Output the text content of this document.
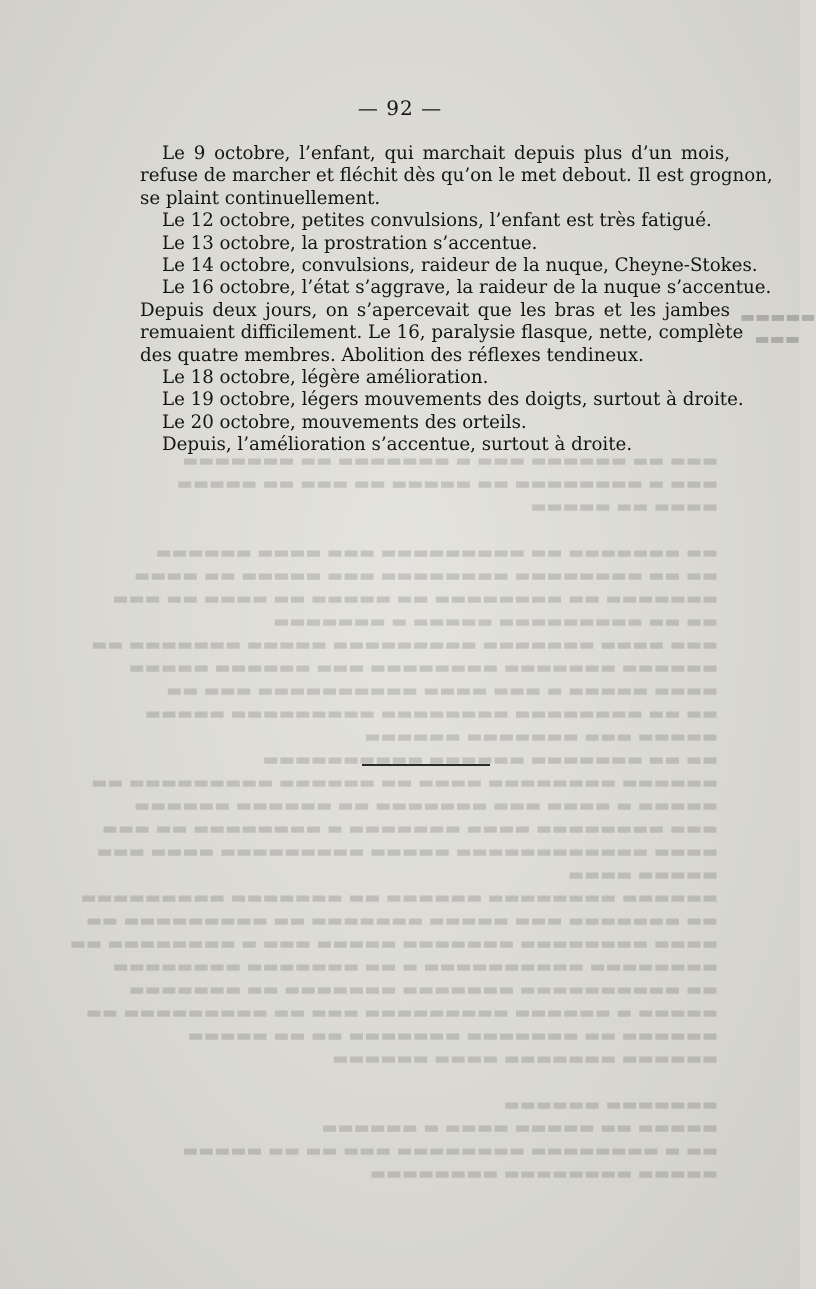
▬▬▬ ▬▬ ▬▬▬▬▬▬ ▬▬▬ ▬ ▬▬▬▬▬▬▬ ▬▬ ▬▬▬▬▬▬▬
▬▬▬ ▬ ▬▬▬▬▬▬▬▬ ▬▬ ▬▬▬▬▬ ▬▬ ▬▬▬ ▬▬ ▬▬▬▬▬
▬▬▬▬ ▬▬ ▬▬▬▬▬

▬▬ ▬▬▬▬▬▬▬ ▬▬ ▬▬▬▬▬▬▬▬▬ ▬▬▬ ▬▬▬▬ ▬▬▬▬▬▬
▬▬ ▬▬ ▬▬▬▬▬▬▬▬ ▬▬▬▬▬▬▬▬ ▬▬▬ ▬▬▬▬▬ ▬▬ ▬▬▬▬
▬▬▬▬▬▬▬ ▬▬ ▬▬▬▬▬▬▬▬ ▬▬ ▬▬▬▬▬ ▬▬ ▬▬▬▬ ▬▬ ▬▬▬
▬▬ ▬▬ ▬▬▬▬▬▬▬▬▬ ▬▬▬▬▬ ▬ ▬▬▬▬▬▬▬
▬▬▬ ▬▬▬▬ ▬▬▬▬▬▬▬ ▬▬▬▬▬▬▬▬▬ ▬▬▬▬▬ ▬▬▬▬▬▬▬ ▬▬
▬▬▬▬▬▬ ▬▬▬▬▬▬▬ ▬▬▬▬▬▬▬▬ ▬▬▬ ▬▬▬▬▬▬ ▬▬▬▬▬
▬▬▬▬ ▬▬▬▬▬ ▬ ▬▬▬ ▬▬▬▬ ▬▬▬▬▬▬▬▬▬▬ ▬▬▬ ▬▬
▬▬ ▬▬ ▬▬▬▬▬▬▬▬ ▬▬▬▬▬▬▬▬ ▬▬▬▬▬▬▬▬▬ ▬▬▬▬▬
▬▬▬▬▬ ▬▬▬ ▬▬▬▬▬▬▬ ▬▬▬▬▬▬
▬▬ ▬▬ ▬▬▬▬▬▬▬ ▬▬▬▬▬▬ ▬▬▬▬▬▬▬▬▬▬
▬▬▬▬▬▬ ▬▬▬▬▬▬▬▬ ▬▬▬▬ ▬▬ ▬▬▬▬▬▬ ▬▬▬▬▬▬▬▬▬ ▬▬
▬▬▬▬▬ ▬ ▬▬▬▬ ▬▬▬ ▬▬▬▬▬▬▬ ▬▬ ▬▬▬▬▬▬ ▬▬▬▬▬▬
▬▬▬ ▬▬▬▬▬▬▬▬ ▬▬▬▬ ▬▬▬▬▬▬▬ ▬ ▬▬▬▬▬▬▬▬ ▬▬ ▬▬▬
▬▬▬▬ ▬▬▬▬▬▬▬▬▬▬▬▬ ▬▬▬▬▬ ▬▬▬▬▬▬▬▬▬ ▬▬▬▬ ▬▬▬
▬▬▬▬▬ ▬▬▬▬
▬▬▬▬▬▬ ▬▬▬▬▬▬▬▬ ▬▬▬▬▬▬ ▬▬ ▬▬▬▬▬▬▬ ▬▬▬▬▬▬▬▬▬
▬▬ ▬▬▬▬▬▬▬ ▬▬▬ ▬▬▬▬▬ ▬▬▬▬▬▬▬ ▬▬ ▬▬▬▬▬▬▬▬▬ ▬▬
▬▬▬▬ ▬▬▬▬▬▬▬▬ ▬▬▬▬▬▬▬ ▬▬▬▬▬ ▬▬▬ ▬ ▬▬▬▬▬▬▬▬ ▬▬
▬▬▬▬▬▬▬▬ ▬▬▬▬▬▬▬▬▬▬ ▬ ▬▬ ▬▬▬▬▬▬▬ ▬▬▬▬▬▬▬▬
▬▬ ▬▬▬▬▬▬▬▬▬▬ ▬▬▬▬▬▬▬ ▬▬▬▬▬▬▬ ▬▬ ▬▬▬▬▬▬▬
▬▬▬▬▬ ▬ ▬▬▬▬▬▬ ▬▬▬▬▬▬▬▬▬ ▬▬▬ ▬▬ ▬▬▬▬▬▬▬▬▬ ▬▬
▬▬▬▬▬▬ ▬▬ ▬▬▬▬▬▬▬ ▬▬▬▬▬▬▬ ▬▬ ▬▬ ▬▬▬▬▬
▬▬▬▬▬▬ ▬▬▬▬▬▬▬ ▬▬▬▬ ▬▬▬▬▬▬

▬▬▬▬▬▬▬ ▬▬▬▬▬▬
▬▬▬▬▬ ▬▬ ▬▬▬▬▬ ▬▬▬▬ ▬ ▬▬▬▬▬▬
▬▬ ▬ ▬▬▬▬▬▬▬▬ ▬▬▬▬▬▬▬▬ ▬▬▬ ▬▬ ▬▬ ▬▬▬▬▬
▬▬▬▬▬ ▬▬▬▬▬▬▬▬ ▬▬▬▬▬▬▬▬
▬▬▬▬▬
▬▬▬
— 92 —
Le 9 octobre, l’enfant, qui marchait depuis plus d’un mois,
refuse de marcher et fléchit dès qu’on le met debout. Il est grognon,
se plaint continuellement.
Le 12 octobre, petites convulsions, l’enfant est très fatigué.
Le 13 octobre, la prostration s’accentue.
Le 14 octobre, convulsions, raideur de la nuque, Cheyne-Stokes.
Le 16 octobre, l’état s’aggrave, la raideur de la nuque s’accentue.
Depuis deux jours, on s’apercevait que les bras et les jambes
remuaient difficilement. Le 16, paralysie flasque, nette, complète
des quatre membres. Abolition des réflexes tendineux.
Le 18 octobre, légère amélioration.
Le 19 octobre, légers mouvements des doigts, surtout à droite.
Le 20 octobre, mouvements des orteils.
Depuis, l’amélioration s’accentue, surtout à droite.
